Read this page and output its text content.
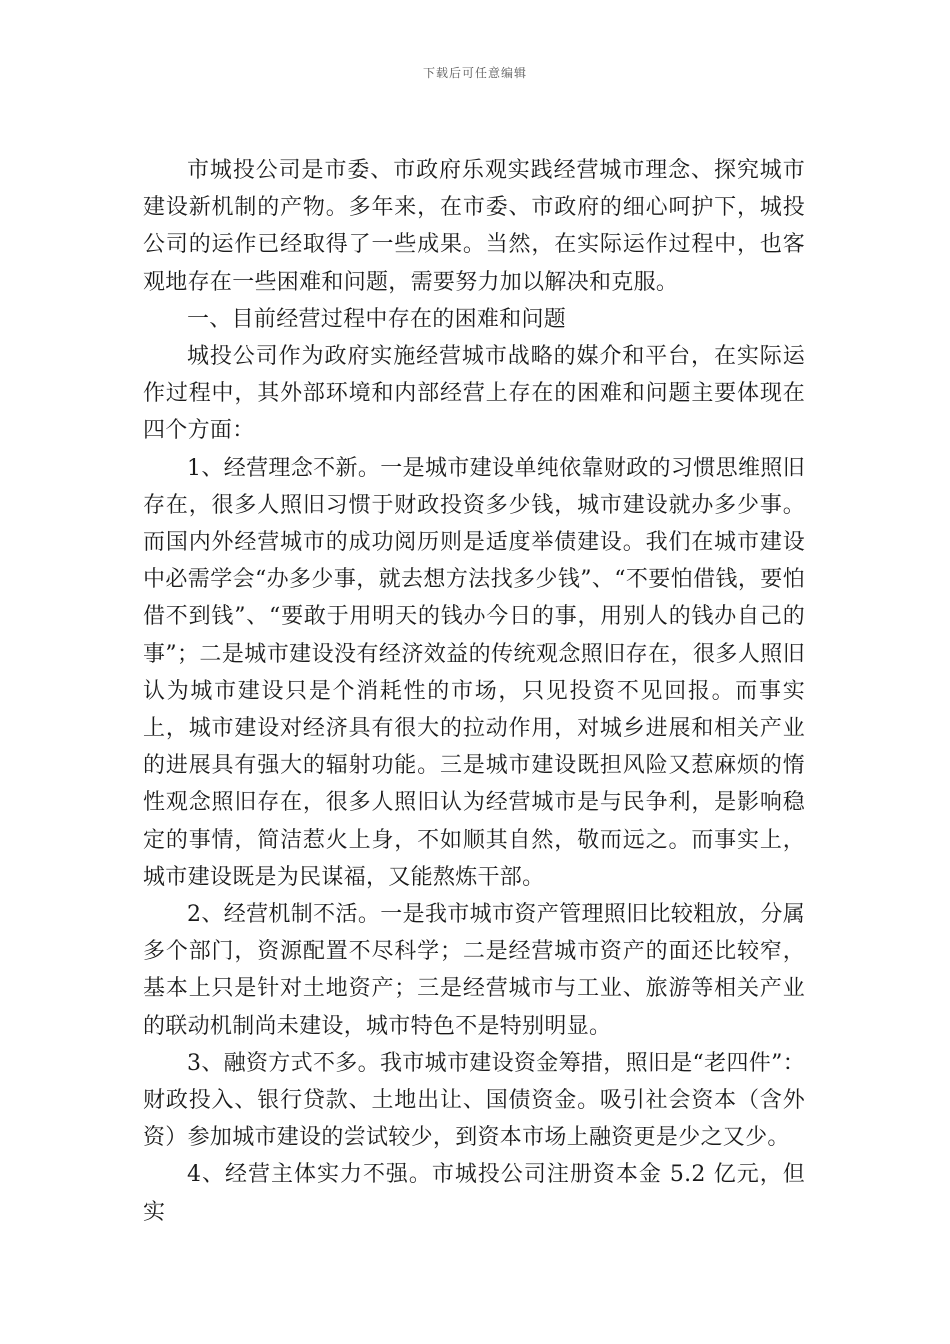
下载后可任意编辑

市城投公司是市委、市政府乐观实践经营城市理念、探究城市建设新机制的产物。多年来，在市委、市政府的细心呵护下，城投公司的运作已经取得了一些成果。当然，在实际运作过程中，也客观地存在一些困难和问题，需要努力加以解决和克服。

一、目前经营过程中存在的困难和问题

城投公司作为政府实施经营城市战略的媒介和平台，在实际运作过程中，其外部环境和内部经营上存在的困难和问题主要体现在四个方面：

1、经营理念不新。一是城市建设单纯依靠财政的习惯思维照旧存在，很多人照旧习惯于财政投资多少钱，城市建设就办多少事。而国内外经营城市的成功阅历则是适度举债建设。我们在城市建设中必需学会“办多少事，就去想方法找多少钱”、“不要怕借钱，要怕借不到钱”、“要敢于用明天的钱办今日的事，用别人的钱办自己的事”；二是城市建设没有经济效益的传统观念照旧存在，很多人照旧认为城市建设只是个消耗性的市场，只见投资不见回报。而事实上，城市建设对经济具有很大的拉动作用，对城乡进展和相关产业的进展具有强大的辐射功能。三是城市建设既担风险又惹麻烦的惰性观念照旧存在，很多人照旧认为经营城市是与民争利，是影响稳定的事情，简洁惹火上身，不如顺其自然，敬而远之。而事实上，城市建设既是为民谋福，又能熬炼干部。

2、经营机制不活。一是我市城市资产管理照旧比较粗放，分属多个部门，资源配置不尽科学；二是经营城市资产的面还比较窄，基本上只是针对土地资产；三是经营城市与工业、旅游等相关产业的联动机制尚未建设，城市特色不是特别明显。

3、融资方式不多。我市城市建设资金筹措，照旧是“老四件”：财政投入、银行贷款、土地出让、国债资金。吸引社会资本（含外资）参加城市建设的尝试较少，到资本市场上融资更是少之又少。

4、经营主体实力不强。市城投公司注册资本金 5.2 亿元，但实
